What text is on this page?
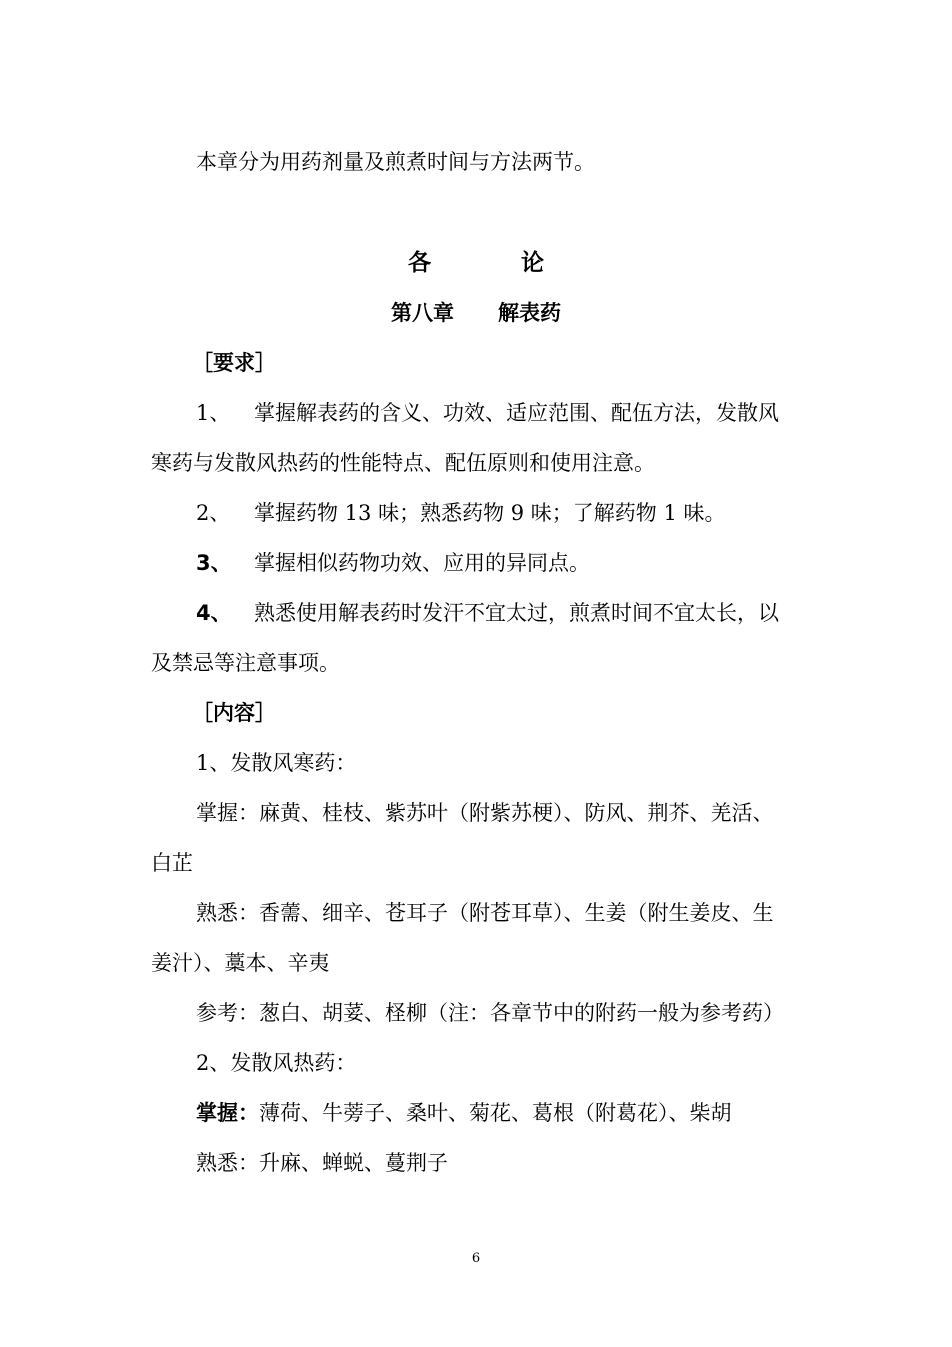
本章分为用药剂量及煎煮时间与方法两节。
各	论
第八章 解表药
［要求］
1、 掌握解表药的含义、功效、适应范围、配伍方法，发散风
寒药与发散风热药的性能特点、配伍原则和使用注意。
2、 掌握药物 13 味；熟悉药物 9 味；了解药物 1 味。
3、 掌握相似药物功效、应用的异同点。
4、 熟悉使用解表药时发汗不宜太过，煎煮时间不宜太长，以
及禁忌等注意事项。
［内容］
1、发散风寒药：
掌握：麻黄、桂枝、紫苏叶（附紫苏梗）、防风、荆芥、羌活、
白芷
熟悉：香薷、细辛、苍耳子（附苍耳草）、生姜（附生姜皮、生
姜汁）、藁本、辛夷
参考：葱白、胡荽、柽柳（注：各章节中的附药一般为参考药）
2、发散风热药：
掌握：薄荷、牛蒡子、桑叶、菊花、葛根（附葛花）、柴胡
熟悉：升麻、蝉蜕、蔓荆子
6
